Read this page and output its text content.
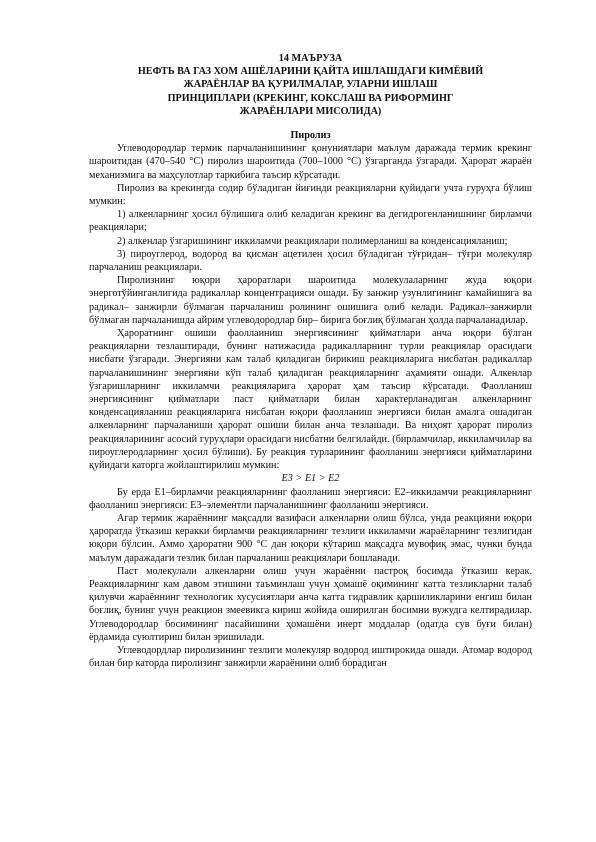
14 МАЪРУЗА
НЕФТЬ ВА ГАЗ ХОМ АШЁЛАРИНИ ҚАЙТА ИШЛАШДАГИ КИМЁВИЙ
ЖАРАЁНЛАР ВА ҚУРИЛМАЛАР, УЛАРНИ ИШЛАШ
ПРИНЦИПЛАРИ (КРЕКИНГ, КОКСЛАШ ВА РИФОРМИНГ
ЖАРАЁНЛАРИ МИСОЛИДА)
Пиролиз

Углеводородлар термик парчаланишининг қонуниятлари маълум даражада термик крекинг шароитидан (470–540 °С) пиролиз шароитида (700–1000 °С) ўзгарганда ўзгаради. Ҳарорат жараён механизмига ва маҳсулотлар таркибига таъсир кўрсатади.

Пиролиз ва крекингда содир бўладиган йиғинди реакцияларни қуйидаги учта гуруҳга бўлиш мумкин:

1) алкенларнинг ҳосил бўлишига олиб келадиган крекинг ва дегидрогенланишнинг бирламчи реакциялари;

2) алкенлар ўзгаришининг иккиламчи реакциялари полимерланиш ва конденсацияланиш;

3) пироуглерод, водород ва қисман ацетилен ҳосил бўладиган тўғридан– тўғри молекуляр парчаланиш реакциялари.

Пиролизнинг юқори ҳароратлари шароитида молекулаларнинг жуда юқори энерготўйинганлигида радикаллар концентрацияси ошади. Бу занжир узунлигининг камайишига ва радикал– занжирли бўлмаган парчаланиш ролининг ошишига олиб келади. Радикал–занжирли бўлмаган парчаланишда айрим углеводородлар бир– бирига боғлиқ бўлмаган ҳолда парчаланадилар.

Ҳароратнинг ошиши фаоллаиниш энергиясининг қийматлари анча юқори бўлган реакцияларни тезлаштиради, бунинг натижасида радикалларнинг турли реакциялар орасидаги нисбати ўзгаради. Энергияни кам талаб қиладиган бирикиш реакцияларига нисбатан радикаллар парчаланишининг энергияни кўп талаб қиладиган реакцияларнинг аҳамияти ошади. Алкенлар ўзгаришларнинг иккиламчи реакцияларига ҳарорат ҳам таъсир кўрсатади. Фаолланиш энергиясининг қийматлари паст қийматлари билан характерланадиган алкенларнинг конденсацияланиш реакцияларига нисбатан юқори фаолланиш энергияси билан амалга ошадиган алкенларнинг парчаланиши ҳарорат ошиши билан анча тезлашади. Ва ниҳоят ҳарорат пиролиз реакцияларининг асосий гуруҳлари орасидаги нисбатни белгилайди. (бирламчилар, иккиламчилар ва пироуглеродларнинг ҳосил бўлиши). Бу реакция турларининг фаолланиш энергияси қийматларини қуйидаги каторга жойлаштирилиш мумкин:

E3 > E1 > E2

Бу ерда E1–бирламчи реакцияларнинг фаолланиш энергияси: E2–иккиламчи реакцияларнинг фаолланиш энергияси: E3–элементли парчаланишнинг фаолланиш энергияси.

Агар термик жараённинг мақсадли вазифаси алкенларни олиш бўлса, унда реакцияни юқори ҳароратда ўтказиш керакки бирламчи реакцияларнинг тезлиги иккиламчи жараёларнинг тезлигидан юқори бўлсин. Аммо ҳароратни 900 °С дан юқори кўтариш мақсадга мувофиқ эмас, чунки бунда маълум даражадаги тезлик билан парчаланиш реакциялари бошланади.

Паст молекулали алкенларни олиш учун жараённи пастроқ босимда ўтказиш керак. Реакцияларнинг кам давом этишини таъминлаш учун ҳомашё оқимининг катта тезликларни талаб қилувчи жараённинг технологик хусусиятлари анча катта гидравлик қаршиликларини енгиш билан боғлиқ, бунинг учун реакцион змеевикга кириш жойида оширилган босимни вужудга келтирадилар. Углеводородлар босимининг пасайишини ҳомашёни инерт моддалар (одатда сув буғи билан) ёрдамида суюлтириш билан эришилади.

Углеводордлар пиролизининг тезлиги молекуляр водород иштирокида ошади. Атомар водород билан бир каторда пиролизинг занжирли жараёнини олиб борадиган
